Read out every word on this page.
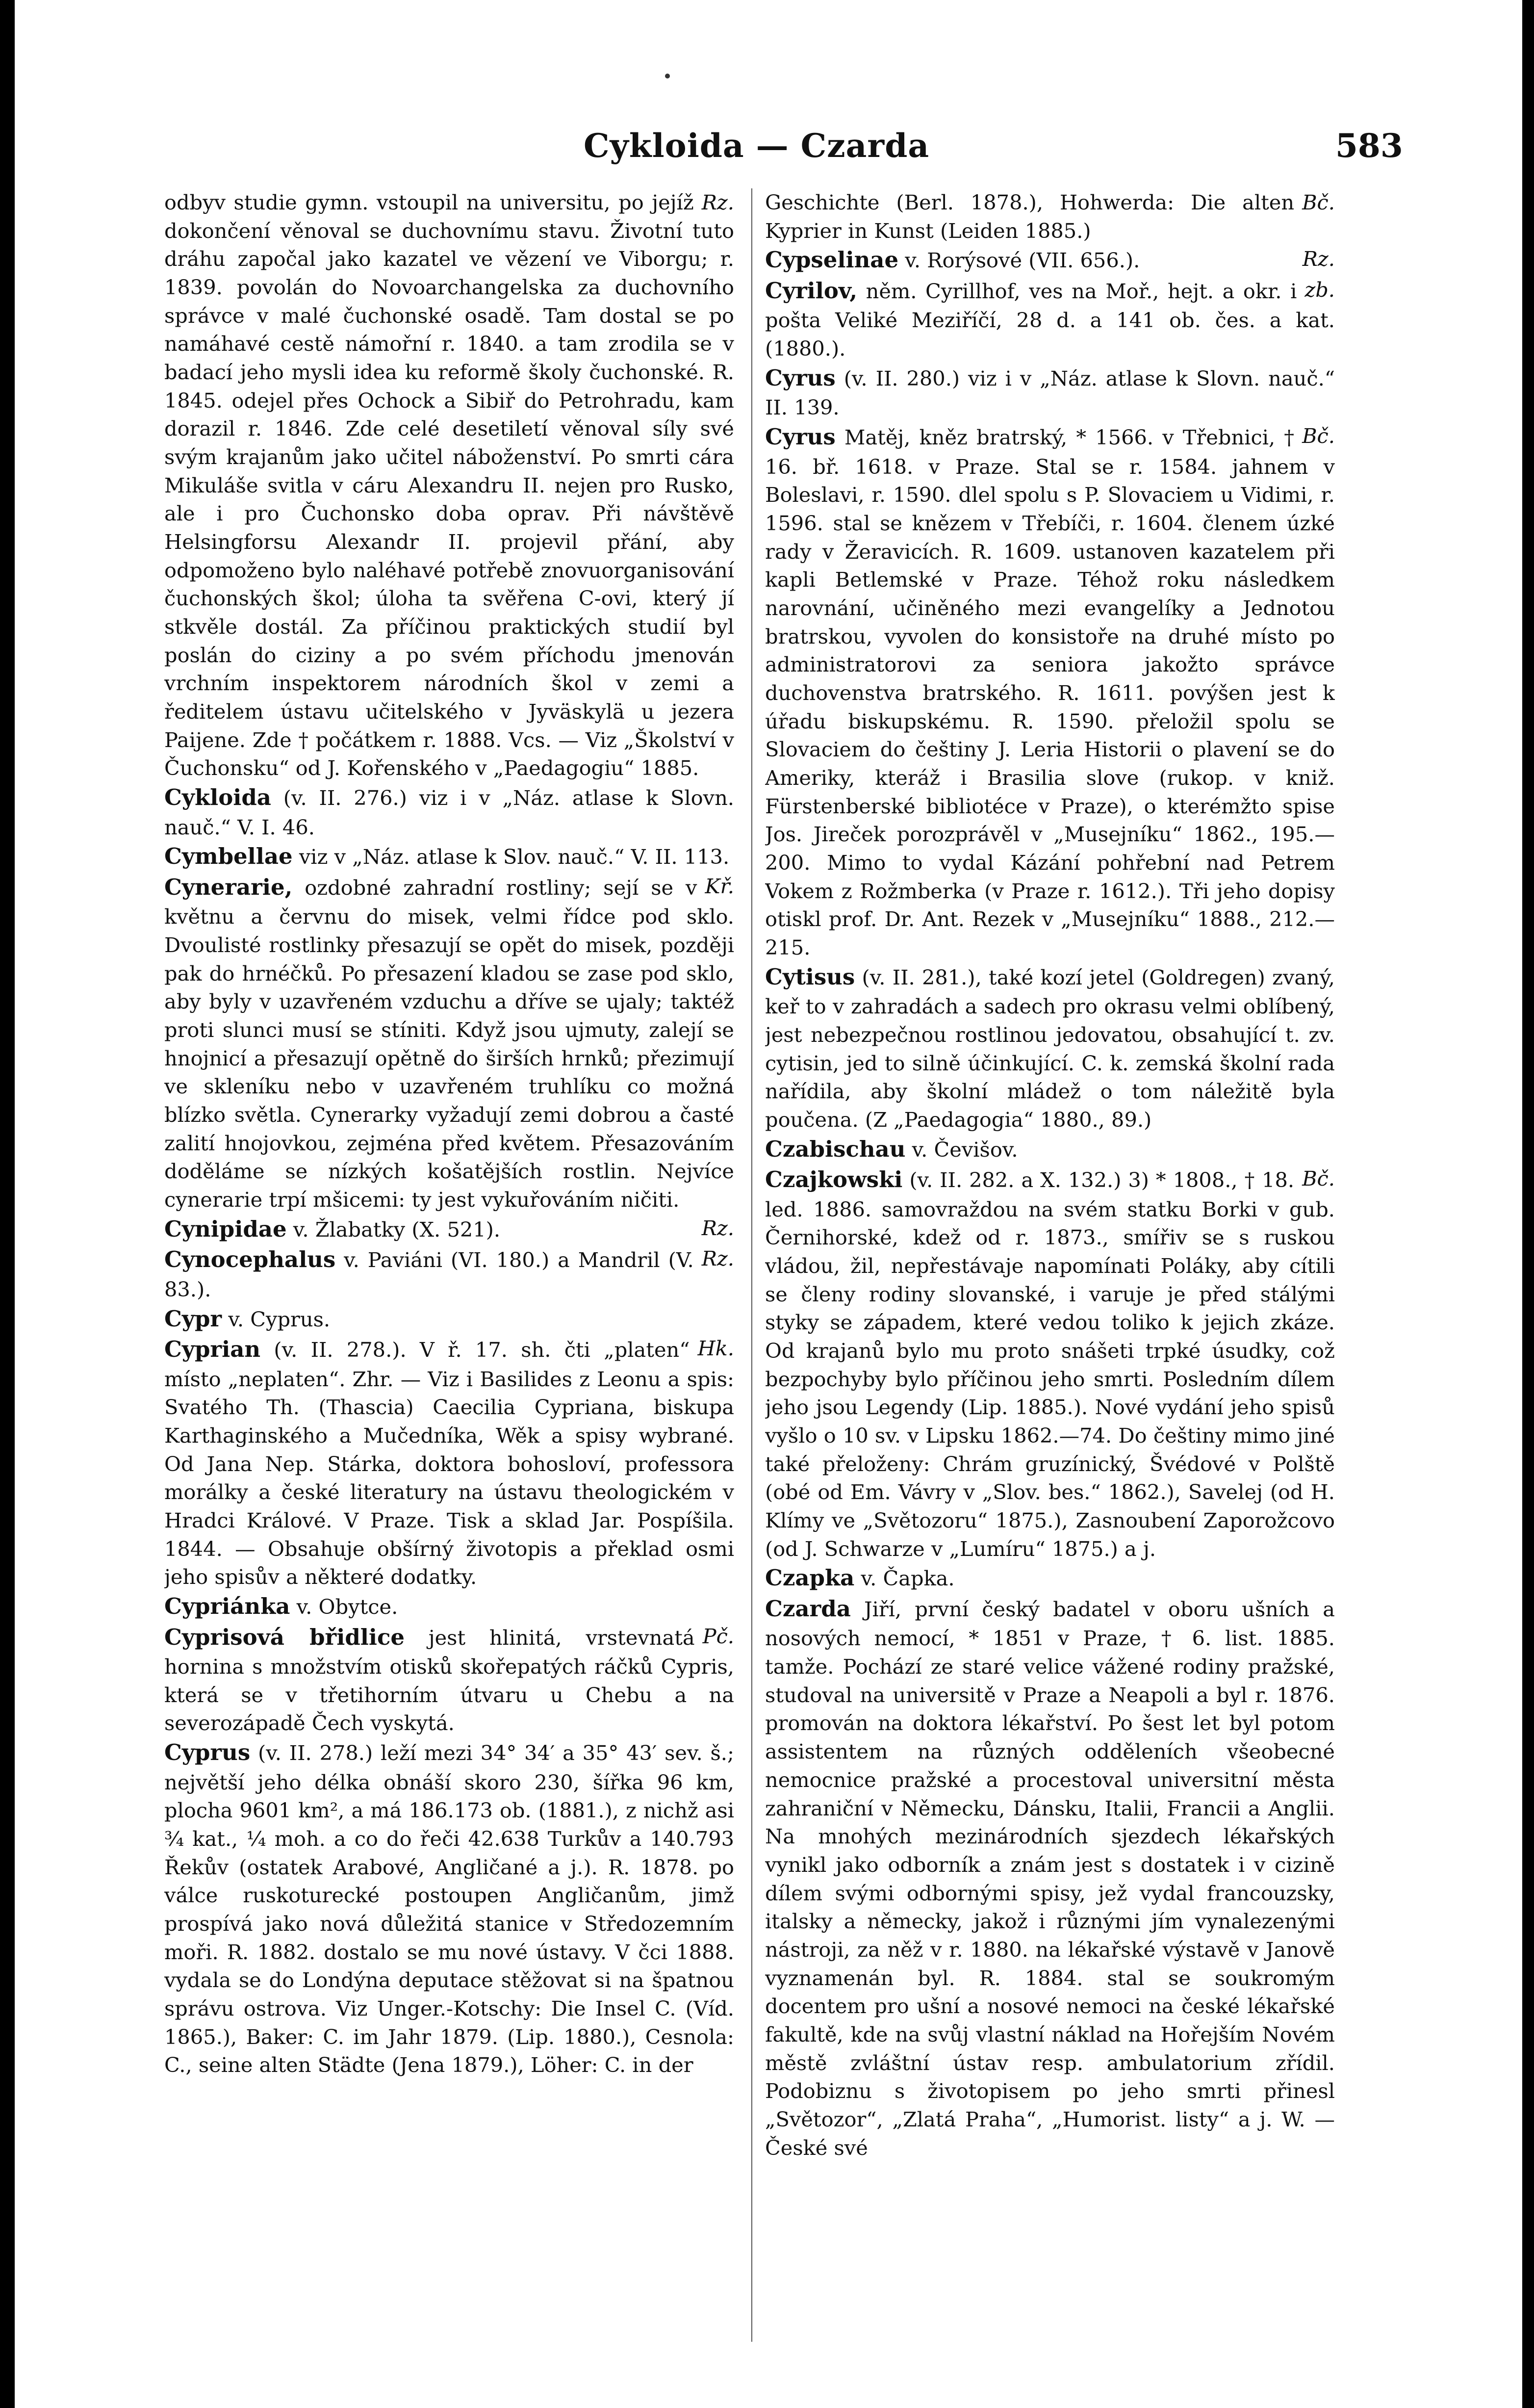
Cykloida — Czarda	583

Rz.
odbyv studie gymn. vstoupil na universitu, po jejíž dokončení věnoval se duchovnímu stavu. Životní tuto dráhu započal jako kazatel ve vězení ve Viborgu; r. 1839. povolán do Novoarchangelska za duchovního správce v malé čuchonské osadě. Tam dostal se po namáhavé cestě námořní r. 1840. a tam zrodila se v badací jeho mysli idea ku reformě školy čuchonské. R. 1845. odejel přes Ochock a Sibiř do Petrohradu, kam dorazil r. 1846. Zde celé desetiletí věnoval síly své svým krajanům jako učitel náboženství. Po smrti cára Mikuláše svitla v cáru Alexandru II. nejen pro Rusko, ale i pro Čuchonsko doba oprav. Při návštěvě Helsingforsu Alexandr II. projevil přání, aby odpomoženo bylo naléhavé potřebě znovuorganisování čuchonských škol; úloha ta svěřena C-ovi, který jí stkvěle dostál. Za příčinou praktických studií byl poslán do ciziny a po svém příchodu jmenován vrchním inspektorem národních škol v zemi a ředitelem ústavu učitelského v Jyväskylä u jezera Paijene. Zde † počátkem r. 1888. Vcs. — Viz „Školství v Čuchonsku“ od J. Kořenského v „Paedagogiu“ 1885.

Cykloida (v. II. 276.) viz i v „Náz. atlase k Slovn. nauč.“ V. I. 46.

Cymbellae viz v „Náz. atlase k Slov. nauč.“ V. II. 113.

Kř.
Cynerarie, ozdobné zahradní rostliny; sejí se v květnu a červnu do misek, velmi řídce pod sklo. Dvoulisté rostlinky přesazují se opět do misek, později pak do hrnéčků. Po přesazení kladou se zase pod sklo, aby byly v uzavřeném vzduchu a dříve se ujaly; taktéž proti slunci musí se stíniti. Když jsou ujmuty, zalejí se hnojnicí a přesazují opětně do širších hrnků; přezimují ve skleníku nebo v uzavřeném truhlíku co možná blízko světla. Cynerarky vyžadují zemi dobrou a časté zalití hnojovkou, zejména před květem. Přesazováním doděláme se nízkých košatějších rostlin. Nejvíce cynerarie trpí mšicemi: ty jest vykuřováním ničiti.

Rz.
Cynipidae v. Žlabatky (X. 521).

Rz.
Cynocephalus v. Paviáni (VI. 180.) a Mandril (V. 83.).

Cypr v. Cyprus.

Hk.
Cyprian (v. II. 278.). V ř. 17. sh. čti „platen“ místo „neplaten“. Zhr. — Viz i Basilides z Leonu a spis: Svatého Th. (Thascia) Caecilia Cypriana, biskupa Karthaginského a Mučedníka, Wěk a spisy wybrané. Od Jana Nep. Stárka, doktora bohosloví, professora morálky a české literatury na ústavu theologickém v Hradci Králové. V Praze. Tisk a sklad Jar. Pospíšila. 1844. — Obsahuje obšírný životopis a překlad osmi jeho spisův a některé dodatky.

Cypriánka v. Obytce.

Pč.
Cyprisová břidlice jest hlinitá, vrstevnatá hornina s množstvím otisků skořepatých ráčků Cypris, která se v třetihorním útvaru u Chebu a na severozápadě Čech vyskytá.

Cyprus (v. II. 278.) leží mezi 34° 34′ a 35° 43′ sev. š.; největší jeho délka obnáší skoro 230, šířka 96 km, plocha 9601 km², a má 186.173 ob. (1881.), z nichž asi ¾ kat., ¼ moh. a co do řeči 42.638 Turkův a 140.793 Řekův (ostatek Arabové, Angličané a j.). R. 1878. po válce ruskoturecké postoupen Angličanům, jimž prospívá jako nová důležitá stanice v Středozemním moři. R. 1882. dostalo se mu nové ústavy. V čci 1888. vydala se do Londýna deputace stěžovat si na špatnou správu ostrova. Viz Unger.-Kotschy: Die Insel C. (Víd. 1865.), Baker: C. im Jahr 1879. (Lip. 1880.), Cesnola: C., seine alten Städte (Jena 1879.), Löher: C. in der

Bč.
Geschichte (Berl. 1878.), Hohwerda: Die alten Kyprier in Kunst (Leiden 1885.)

Rz.
Cypselinae v. Rorýsové (VII. 656.).

zb.
Cyrilov, něm. Cyrillhof, ves na Moř., hejt. a okr. i pošta Veliké Meziříčí, 28 d. a 141 ob. čes. a kat. (1880.).

Cyrus (v. II. 280.) viz i v „Náz. atlase k Slovn. nauč.“ II. 139.

Bč.
Cyrus Matěj, kněz bratrský, * 1566. v Třebnici, † 16. bř. 1618. v Praze. Stal se r. 1584. jahnem v Boleslavi, r. 1590. dlel spolu s P. Slovaciem u Vidimi, r. 1596. stal se knězem v Třebíči, r. 1604. členem úzké rady v Žeravicích. R. 1609. ustanoven kazatelem při kapli Betlemské v Praze. Téhož roku následkem narovnání, učiněného mezi evangelíky a Jednotou bratrskou, vyvolen do konsistoře na druhé místo po administratorovi za seniora jakožto správce duchovenstva bratrského. R. 1611. povýšen jest k úřadu biskupskému. R. 1590. přeložil spolu se Slovaciem do češtiny J. Leria Historii o plavení se do Ameriky, kteráž i Brasilia slove (rukop. v kniž. Fürstenberské bibliotéce v Praze), o kterémžto spise Jos. Jireček porozprávěl v „Musejníku“ 1862., 195.—200. Mimo to vydal Kázání pohřební nad Petrem Vokem z Rožmberka (v Praze r. 1612.). Tři jeho dopisy otiskl prof. Dr. Ant. Rezek v „Musejníku“ 1888., 212.—215.

Cytisus (v. II. 281.), také kozí jetel (Goldregen) zvaný, keř to v zahradách a sadech pro okrasu velmi oblíbený, jest nebezpečnou rostlinou jedovatou, obsahující t. zv. cytisin, jed to silně účinkující. C. k. zemská školní rada nařídila, aby školní mládež o tom náležitě byla poučena. (Z „Paedagogia“ 1880., 89.)

Czabischau v. Čevišov.

Bč.
Czajkowski (v. II. 282. a X. 132.) 3) * 1808., † 18. led. 1886. samovraždou na svém statku Borki v gub. Černihorské, kdež od r. 1873., smířiv se s ruskou vládou, žil, nepřestávaje napomínati Poláky, aby cítili se členy rodiny slovanské, i varuje je před stálými styky se západem, které vedou toliko k jejich zkáze. Od krajanů bylo mu proto snášeti trpké úsudky, což bezpochyby bylo příčinou jeho smrti. Posledním dílem jeho jsou Legendy (Lip. 1885.). Nové vydání jeho spisů vyšlo o 10 sv. v Lipsku 1862.—74. Do češtiny mimo jiné také přeloženy: Chrám gruzínický, Švédové v Polště (obé od Em. Vávry v „Slov. bes.“ 1862.), Savelej (od H. Klímy ve „Světozoru“ 1875.), Zasnoubení Zaporožcovo (od J. Schwarze v „Lumíru“ 1875.) a j.

Czapka v. Čapka.

Czarda Jiří, první český badatel v oboru ušních a nosových nemocí, * 1851 v Praze, † 6. list. 1885. tamže. Pochází ze staré velice vážené rodiny pražské, studoval na universitě v Praze a Neapoli a byl r. 1876. promován na doktora lékařství. Po šest let byl potom assistentem na různých odděleních všeobecné nemocnice pražské a procestoval universitní města zahraniční v Německu, Dánsku, Italii, Francii a Anglii. Na mnohých mezinárodních sjezdech lékařských vynikl jako odborník a znám jest s dostatek i v cizině dílem svými odbornými spisy, jež vydal francouzsky, italsky a německy, jakož i různými jím vynalezenými nástroji, za něž v r. 1880. na lékařské výstavě v Janově vyznamenán byl. R. 1884. stal se soukromým docentem pro ušní a nosové nemoci na české lékařské fakultě, kde na svůj vlastní náklad na Hořejším Novém městě zvláštní ústav resp. ambulatorium zřídil. Podobiznu s životopisem po jeho smrti přinesl „Světozor“, „Zlatá Praha“, „Humorist. listy“ a j. W. — České své
